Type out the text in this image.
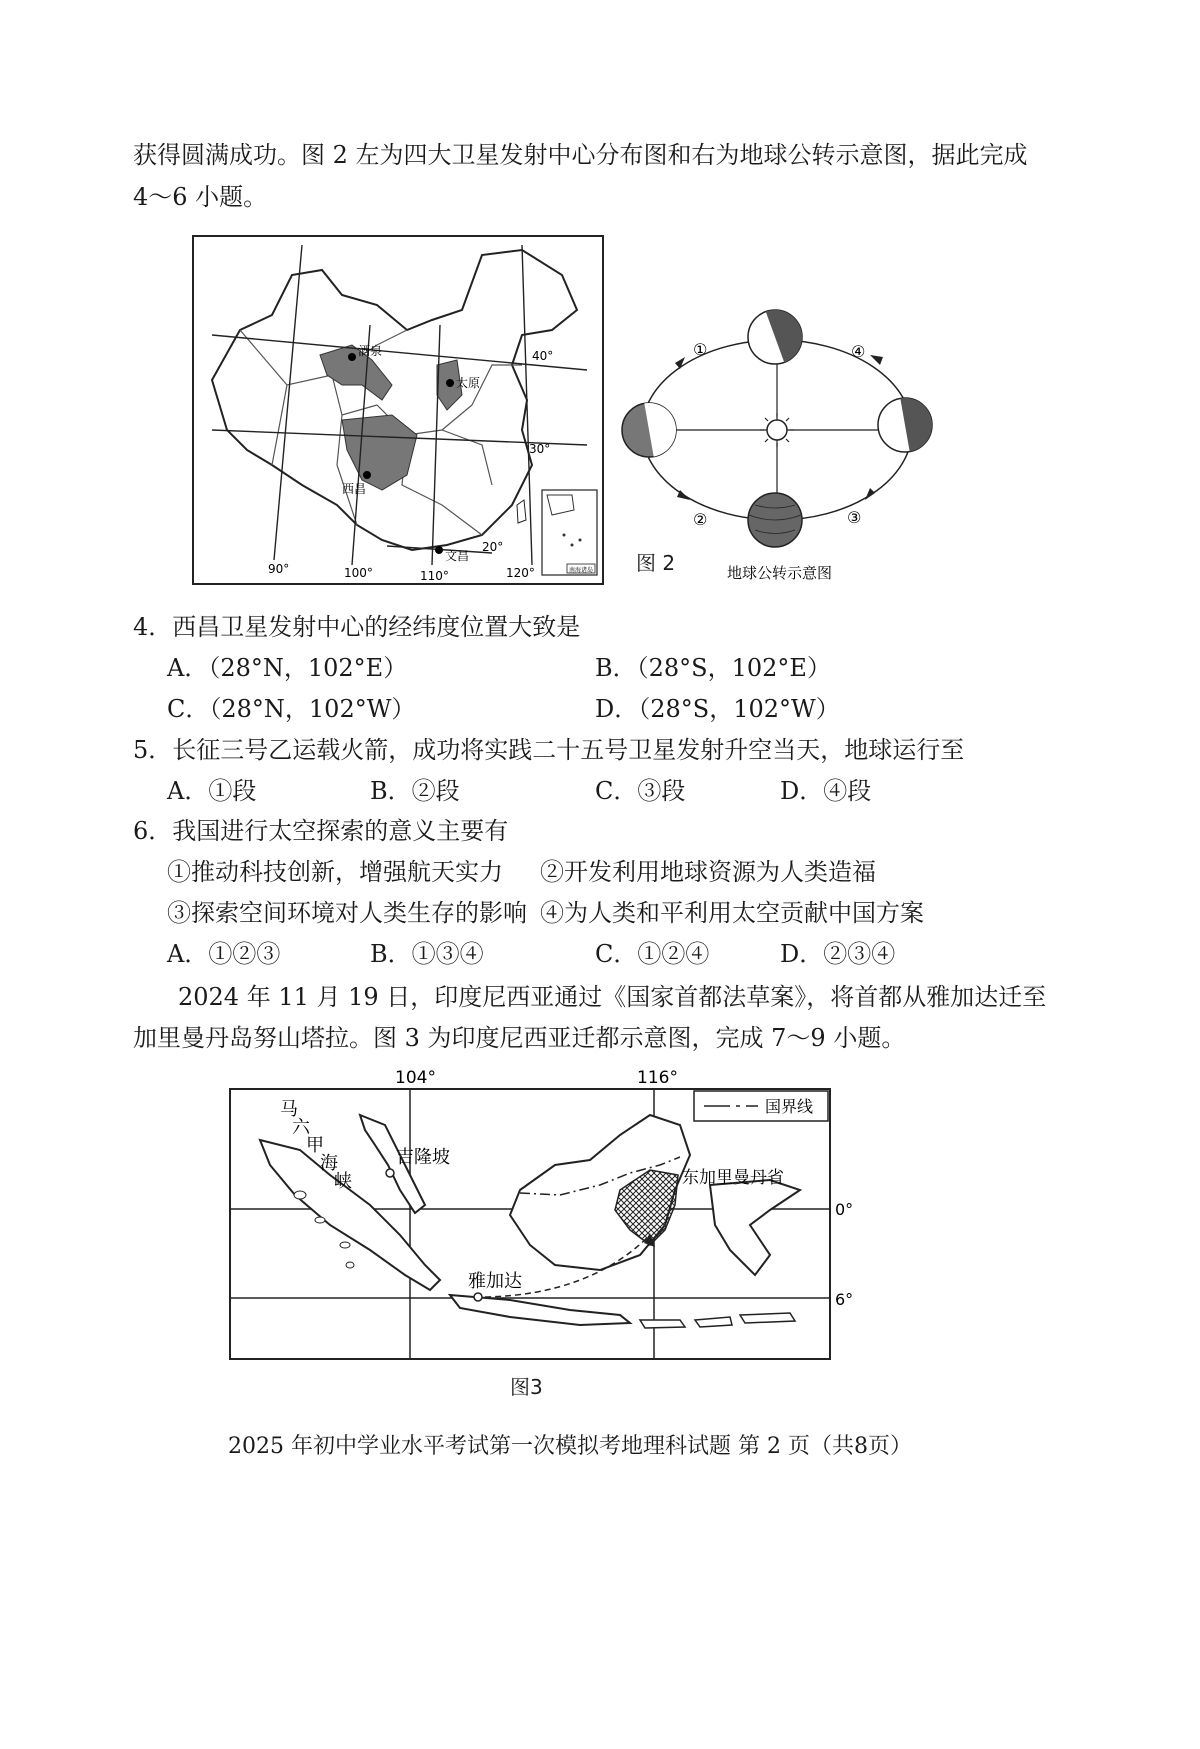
获得圆满成功。图 2 左为四大卫星发射中心分布图和右为地球公转示意图，据此完成
4～6 小题。
酒泉
太原
西昌
文昌
40°
30°
20°
90°	100°	110°	120°	南海诸岛 图 2
①
②	③
④
地球公转示意图
4．西昌卫星发射中心的经纬度位置大致是
A．（28°N，102°E）	B．（28°S，102°E）
C．（28°N，102°W）	D．（28°S，102°W）
5．长征三号乙运载火箭，成功将实践二十五号卫星发射升空当天，地球运行至
A．①段	B．②段	C．③段	D．④段
6．我国进行太空探索的意义主要有
①推动科技创新，增强航天实力 ②开发利用地球资源为人类造福
③探索空间环境对人类生存的影响 ④为人类和平利用太空贡献中国方案
A．①②③	B．①③④	C．①②④	D．②③④
2024 年 11 月 19 日，印度尼西亚通过《国家首都法草案》，将首都从雅加达迁至
加里曼丹岛努山塔拉。图 3 为印度尼西亚迁都示意图，完成 7～9 小题。
104°	116°
0°
6°
国界线
吉隆坡
雅加达
东加里曼丹省
马
六
甲
海
峡
图3
2025 年初中学业水平考试第一次模拟考地理科试题 第 2 页（共8页）
